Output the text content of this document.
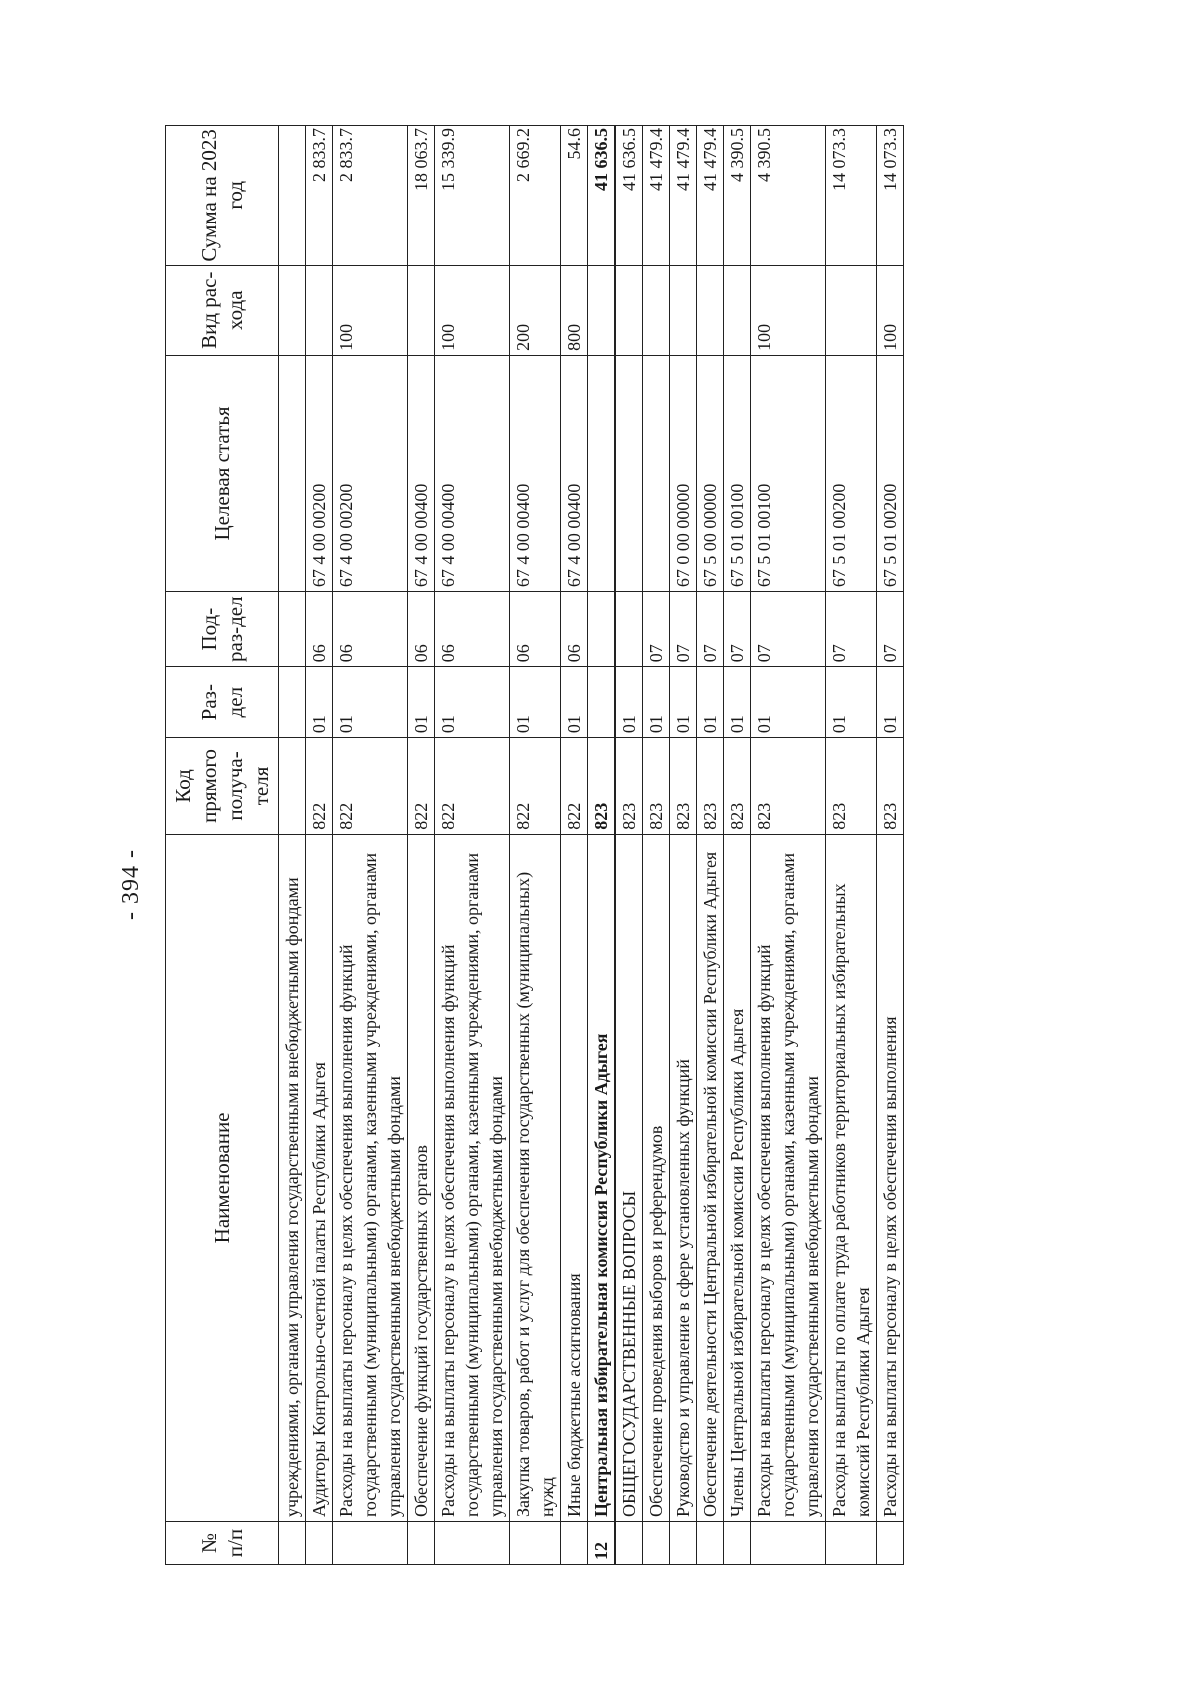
- 394 -
№ п/п	Наименование	Код прямого получа-теля	Раз-дел	Под-раз-дел	Целевая статья	Вид рас-хода	Сумма на 2023 год
	учреждениями, органами управления государственными внебюджетными фондами						
	Аудиторы Контрольно-счетной палаты Республики Адыгея	822	01	06	67 4 00 00200		2 833.7
	Расходы на выплаты персоналу в целях обеспечения выполнения функций государственными (муниципальными) органами, казенными учреждениями, органами управления государственными внебюджетными фондами	822	01	06	67 4 00 00200	100	2 833.7
	Обеспечение функций государственных органов	822	01	06	67 4 00 00400		18 063.7
	Расходы на выплаты персоналу в целях обеспечения выполнения функций государственными (муниципальными) органами, казенными учреждениями, органами управления государственными внебюджетными фондами	822	01	06	67 4 00 00400	100	15 339.9
	Закупка товаров, работ и услуг для обеспечения государственных (муниципальных) нужд	822	01	06	67 4 00 00400	200	2 669.2
	Иные бюджетные ассигнования	822	01	06	67 4 00 00400	800	54.6
12	Центральная избирательная комиссия Республики Адыгея	823					41 636.5
	ОБЩЕГОСУДАРСТВЕННЫЕ ВОПРОСЫ	823	01				41 636.5
	Обеспечение проведения выборов и референдумов	823	01	07			41 479.4
	Руководство и управление в сфере установленных функций	823	01	07	67 0 00 00000		41 479.4
	Обеспечение деятельности Центральной избирательной комиссии Республики Адыгея	823	01	07	67 5 00 00000		41 479.4
	Члены Центральной избирательной комиссии Республики Адыгея	823	01	07	67 5 01 00100		4 390.5
	Расходы на выплаты персоналу в целях обеспечения выполнения функций государственными (муниципальными) органами, казенными учреждениями, органами управления государственными внебюджетными фондами	823	01	07	67 5 01 00100	100	4 390.5
	Расходы на выплаты по оплате труда работников территориальных избирательных комиссий Республики Адыгея	823	01	07	67 5 01 00200		14 073.3
	Расходы на выплаты персоналу в целях обеспечения выполнения	823	01	07	67 5 01 00200	100	14 073.3
